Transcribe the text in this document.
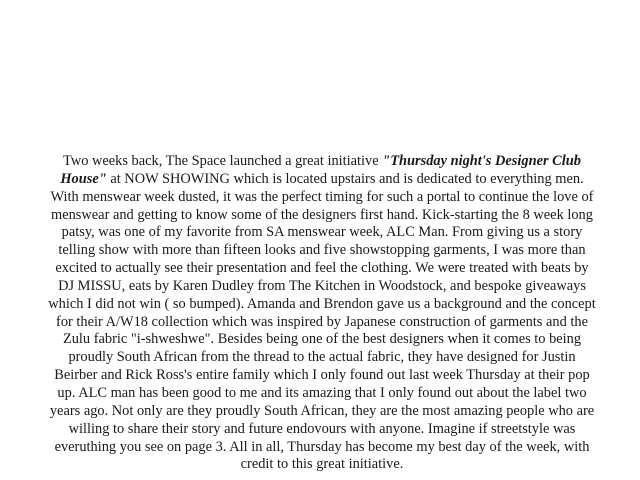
Two weeks back, The Space launched a great initiative "Thursday night's Designer Club
House" at NOW SHOWING which is located upstairs and is dedicated to everything men.
With menswear week dusted, it was the perfect timing for such a portal to continue the love of
menswear and getting to know some of the designers first hand. Kick-starting the 8 week long
patsy, was one of my favorite from SA menswear week, ALC Man. From giving us a story
telling show with more than fifteen looks and five showstopping garments, I was more than
excited to actually see their presentation and feel the clothing. We were treated with beats by
DJ MISSU, eats by Karen Dudley from The Kitchen in Woodstock, and bespoke giveaways
which I did not win ( so bumped). Amanda and Brendon gave us a background and the concept
for their A/W18 collection which was inspired by Japanese construction of garments and the
Zulu fabric "i-shweshwe". Besides being one of the best designers when it comes to being
proudly South African from the thread to the actual fabric, they have designed for Justin
Beirber and Rick Ross's entire family which I only found out last week Thursday at their pop
up. ALC man has been good to me and its amazing that I only found out about the label two
years ago. Not only are they proudly South African, they are the most amazing people who are
willing to share their story and future endovours with anyone. Imagine if streetstyle was
everuthing you see on page 3. All in all, Thursday has become my best day of the week, with
credit to this great initiative.
